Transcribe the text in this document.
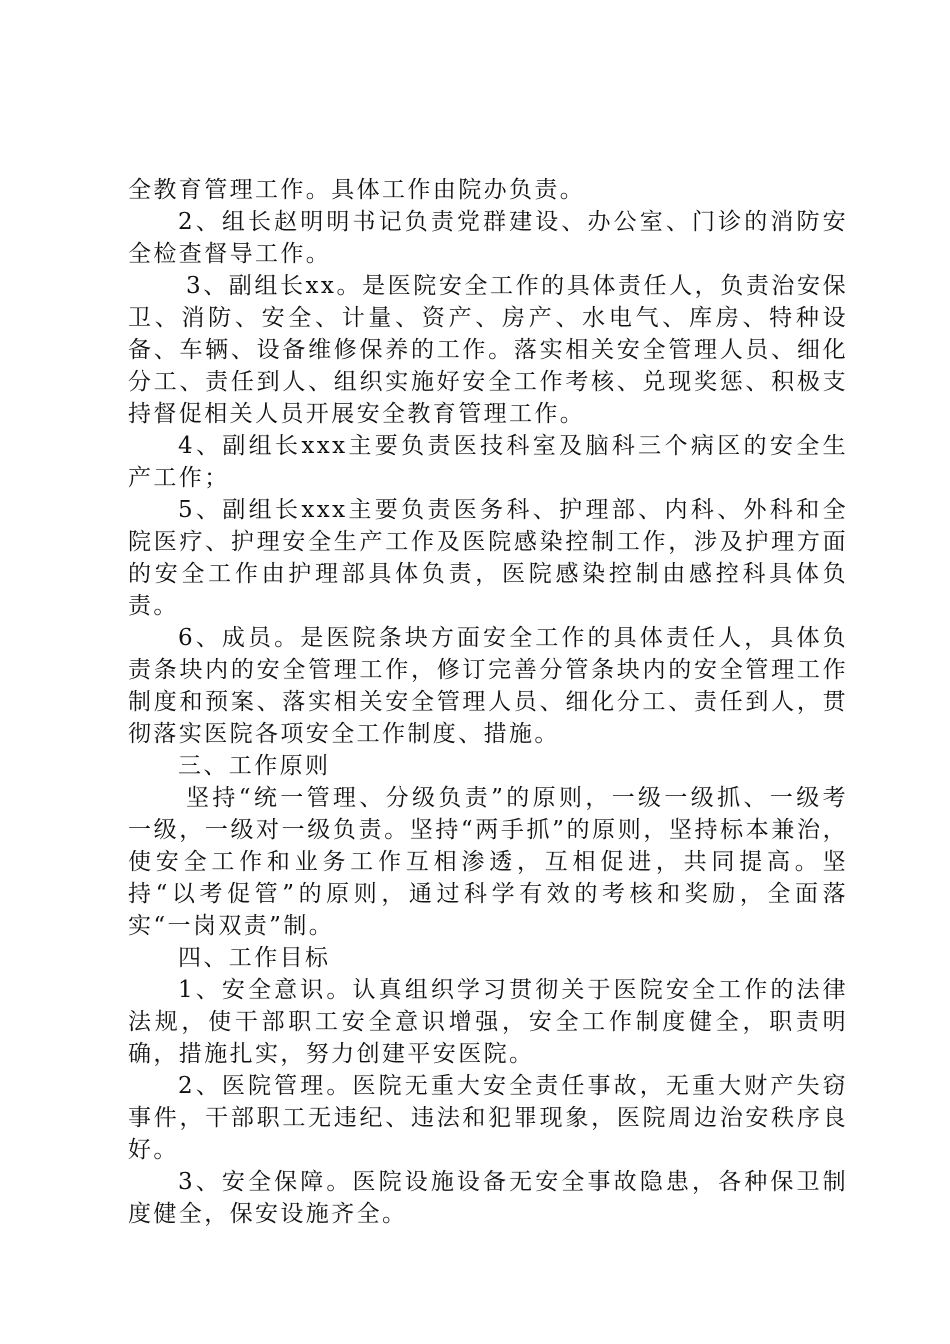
全教育管理工作。具体工作由院办负责。

2、组长赵明明书记负责党群建设、办公室、门诊的消防安全检查督导工作。

3、副组长xx。是医院安全工作的具体责任人，负责治安保卫、消防、安全、计量、资产、房产、水电气、库房、特种设备、车辆、设备维修保养的工作。落实相关安全管理人员、细化分工、责任到人、组织实施好安全工作考核、兑现奖惩、积极支持督促相关人员开展安全教育管理工作。

4、副组长xxx主要负责医技科室及脑科三个病区的安全生产工作；

5、副组长xxx主要负责医务科、护理部、内科、外科和全院医疗、护理安全生产工作及医院感染控制工作，涉及护理方面的安全工作由护理部具体负责，医院感染控制由感控科具体负责。

6、成员。是医院条块方面安全工作的具体责任人，具体负责条块内的安全管理工作，修订完善分管条块内的安全管理工作制度和预案、落实相关安全管理人员、细化分工、责任到人，贯彻落实医院各项安全工作制度、措施。

三、工作原则

坚持“统一管理、分级负责”的原则，一级一级抓、一级考一级，一级对一级负责。坚持“两手抓”的原则，坚持标本兼治，使安全工作和业务工作互相渗透，互相促进，共同提高。坚持“以考促管”的原则，通过科学有效的考核和奖励，全面落实“一岗双责”制。

四、工作目标

1、安全意识。认真组织学习贯彻关于医院安全工作的法律法规，使干部职工安全意识增强，安全工作制度健全，职责明确，措施扎实，努力创建平安医院。

2、医院管理。医院无重大安全责任事故，无重大财产失窃事件，干部职工无违纪、违法和犯罪现象，医院周边治安秩序良好。

3、安全保障。医院设施设备无安全事故隐患，各种保卫制度健全，保安设施齐全。
